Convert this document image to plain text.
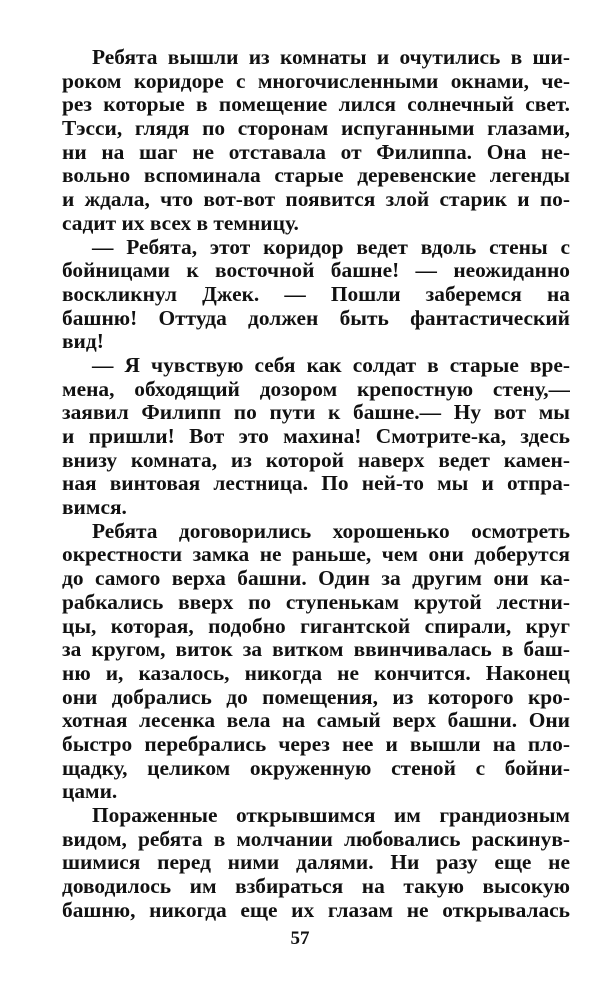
Ребята вышли из комнаты и очутились в ши-
роком коридоре с многочисленными окнами, че-
рез которые в помещение лился солнечный свет.
Тэсси, глядя по сторонам испуганными глазами,
ни на шаг не отставала от Филиппа. Она не-
вольно вспоминала старые деревенские легенды
и ждала, что вот-вот появится злой старик и по-
садит их всех в темницу.
— Ребята, этот коридор ведет вдоль стены с
бойницами к восточной башне! — неожиданно
воскликнул Джек. — Пошли заберемся на
башню! Оттуда должен быть фантастический
вид!
— Я чувствую себя как солдат в старые вре-
мена, обходящий дозором крепостную стену,—
заявил Филипп по пути к башне.— Ну вот мы
и пришли! Вот это махина! Смотрите-ка, здесь
внизу комната, из которой наверх ведет камен-
ная винтовая лестница. По ней-то мы и отпра-
вимся.
Ребята договорились хорошенько осмотреть
окрестности замка не раньше, чем они доберутся
до самого верха башни. Один за другим они ка-
рабкались вверх по ступенькам крутой лестни-
цы, которая, подобно гигантской спирали, круг
за кругом, виток за витком ввинчивалась в баш-
ню и, казалось, никогда не кончится. Наконец
они добрались до помещения, из которого кро-
хотная лесенка вела на самый верх башни. Они
быстро перебрались через нее и вышли на пло-
щадку, целиком окруженную стеной с бойни-
цами.
Пораженные открывшимся им грандиозным
видом, ребята в молчании любовались раскинув-
шимися перед ними далями. Ни разу еще не
доводилось им взбираться на такую высокую
башню, никогда еще их глазам не открывалась
57
